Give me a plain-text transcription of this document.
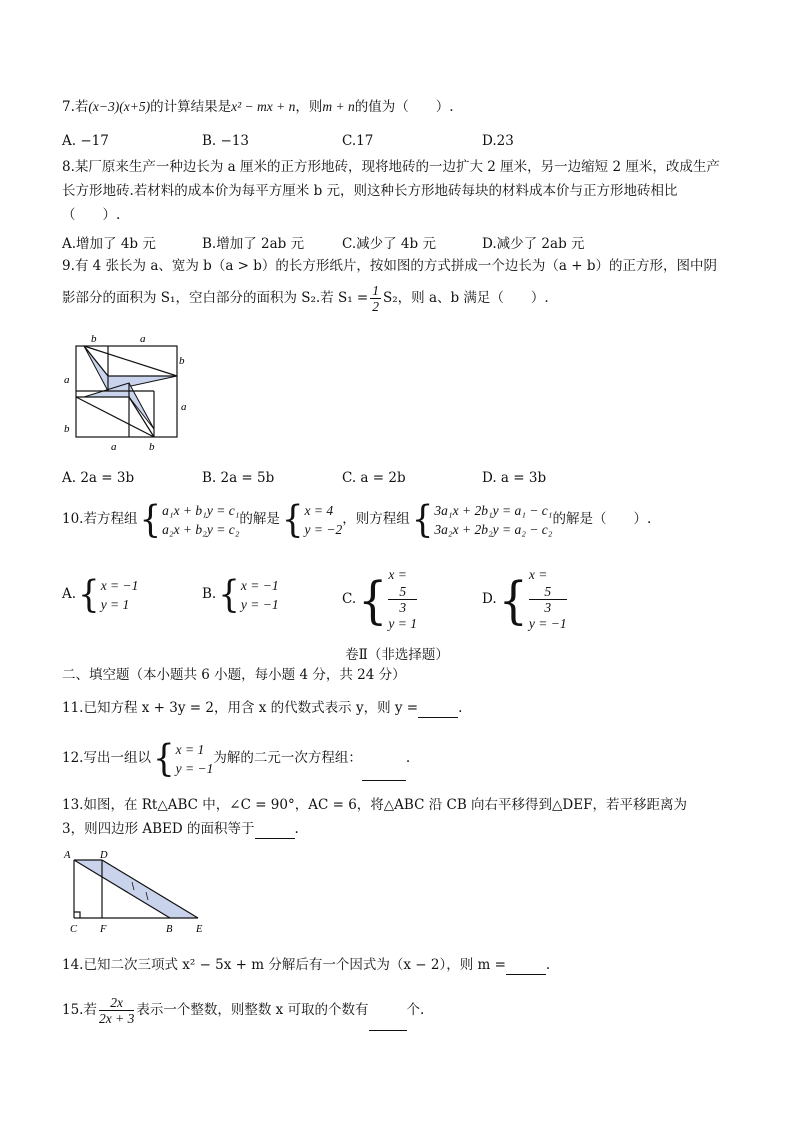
7.若(x−3)(x+5)的计算结果是x² − mx + n，则m + n的值为（　　）.
A. −17	B. −13	C.17	D.23
8.某厂原来生产一种边长为 a 厘米的正方形地砖，现将地砖的一边扩大 2 厘米，另一边缩短 2 厘米，改成生产
长方形地砖.若材料的成本价为每平方厘米 b 元，则这种长方形地砖每块的材料成本价与正方形地砖相比
（　　）.
A.增加了 4b 元	B.增加了 2ab 元	C.减少了 4b 元	D.减少了 2ab 元
9.有 4 张长为 a、宽为 b（a > b）的长方形纸片，按如图的方式拼成一个边长为（a + b）的正方形，图中阴
影部分的面积为 S₁，空白部分的面积为 S₂.若 $S_1 = \frac{1}{2} S_2$，则 a、b 满足（　　）.
b	a
b
a
a
b
a	b
A. 2a = 3b	B. 2a = 5b	C. a = 2b	D. a = 3b
10.若方程组{ a₁x + b₁y = c₁
a₂x + b₂y = c₂
的解是{ x = 4
y = −2
，则方程组{ 3a₁x + 2b₁y = a₁ − c₁
3a₂x + 2b₂y = a₂ − c₂
的解是（　　）.
A.{ x = −1
y = 1
B.{ x = −1
y = −1	C.{ x =
5
3
y = 1
D.{ x =
5
3
y = −1
卷Ⅱ（非选择题）
二、填空题（本小题共 6 小题，每小题 4 分，共 24 分）
11.已知方程 x + 3y = 2，用含 x 的代数式表示 y，则 y =	.
12.写出一组以{ x = 1
y = −1
为解的二元一次方程组：	.
13.如图，在 Rt△ABC 中，∠C = 90°，AC = 6，将△ABC 沿 CB 向右平移得到△DEF，若平移距离为
3，则四边形 ABED 的面积等于	.
A	D
C F	B E
14.已知二次三项式 x² − 5x + m 分解后有一个因式为（x − 2），则 m =	.
15.若 $\frac{2x}{2x + 3}$ 表示一个整数，则整数 x 可取的个数有	个.
